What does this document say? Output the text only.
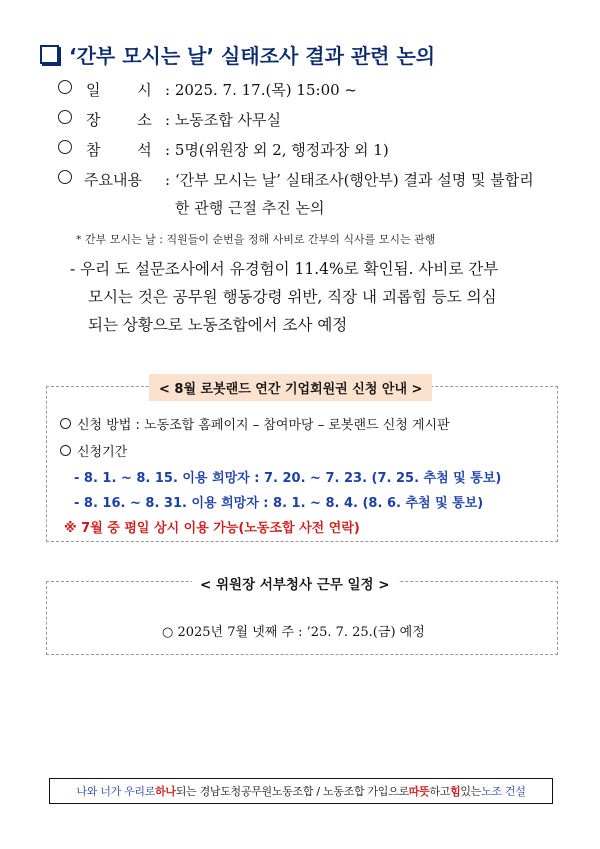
‘간부 모시는 날’ 실태조사 결과 관련 논의
일 시
: 2025. 7. 17.(목) 15:00 ~
장 소
: 노동조합 사무실
참 석
: 5명(위원장 외 2, 행정과장 외 1)
주요내용 : ‘간부 모시는 날’ 실태조사(행안부) 결과 설명 및 불합리
한 관행 근절 추진 논의
* 간부 모시는 날 : 직원들이 순번을 정해 사비로 간부의 식사를 모시는 관행
- 우리 도 설문조사에서 유경험이 11.4%로 확인됨. 사비로 간부
모시는 것은 공무원 행동강령 위반, 직장 내 괴롭힘 등도 의심
되는 상황으로 노동조합에서 조사 예정
< 8월 로봇랜드 연간 기업회원권 신청 안내 >
신청 방법 : 노동조합 홈페이지 – 참여마당 – 로봇랜드 신청 게시판
신청기간
- 8. 1. ~ 8. 15. 이용 희망자 : 7. 20. ~ 7. 23. (7. 25. 추첨 및 통보)
- 8. 16. ~ 8. 31. 이용 희망자 : 8. 1. ~ 8. 4. (8. 6. 추첨 및 통보)
※ 7월 중 평일 상시 이용 가능(노동조합 사전 연락)
< 위원장 서부청사 근무 일정 >
○ 2025년 7월 넷째 주 : ’25. 7. 25.(금) 예정
나와 너가 우리로 하나 되는 경남도청공무원노동조합 / 노동조합 가입으로 따뜻 하고 힘 있는 노조 건설
